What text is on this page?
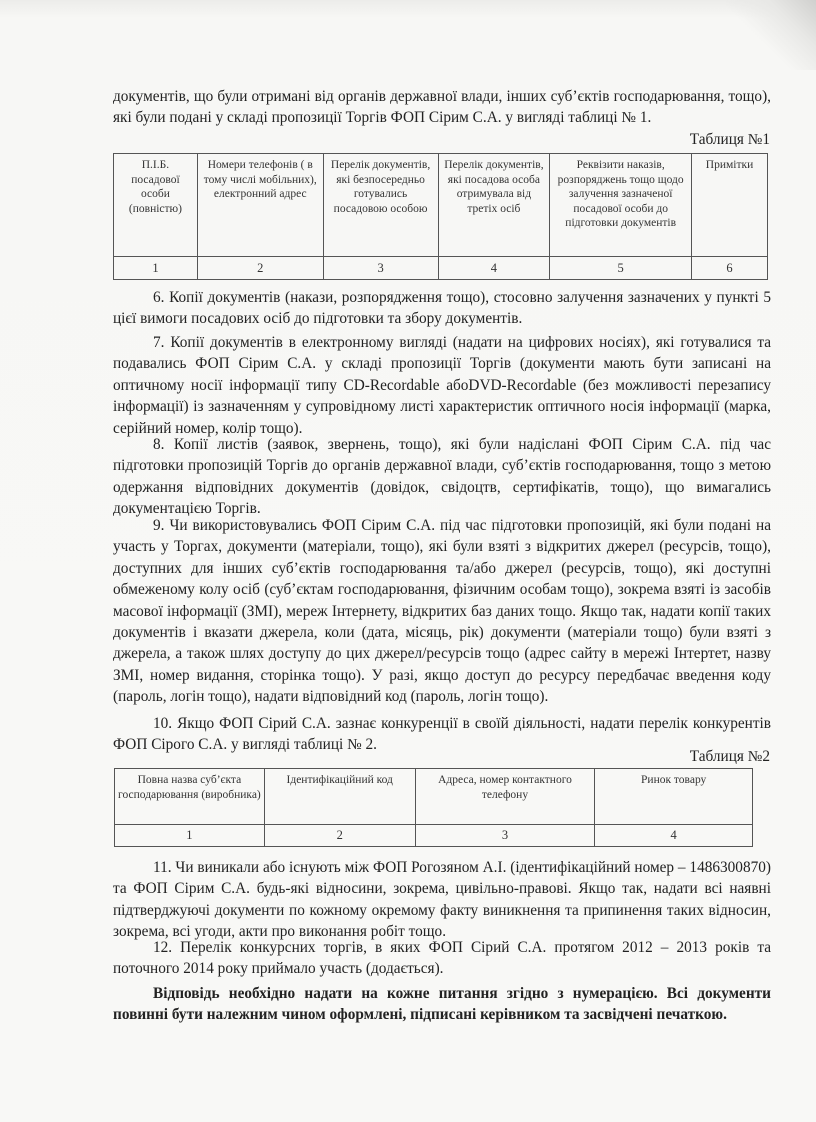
документів, що були отримані від органів державної влади, інших суб’єктів господарювання, тощо), які були подані у складі пропозиції Торгів ФОП Сірим С.А. у вигляді таблиці № 1.
Таблиця №1
П.І.Б. посадової особи (повністю)	Номери телефонів ( в тому числі мобільних), електронний адрес	Перелік документів, які безпосередньо готувались посадовою особою	Перелік документів, які посадова особа отримувала від третіх осіб	Реквізити наказів, розпоряджень тощо щодо залучення зазначеної посадової особи до підготовки документів	Примітки
1	2	3	4	5	6
6. Копії документів (накази, розпорядження тощо), стосовно залучення зазначених у пункті 5 цієї вимоги посадових осіб до підготовки та збору документів.
7. Копії документів в електронному вигляді (надати на цифрових носіях), які готувалися та подавались ФОП Сірим С.А. у складі пропозиції Торгів (документи мають бути записані на оптичному носії інформації типу CD-Recordable абоDVD-Recordable (без можливості перезапису інформації) із зазначенням у супровідному листі характеристик оптичного носія інформації (марка, серійний номер, колір тощо).
8. Копії листів (заявок, звернень, тощо), які були надіслані ФОП Сірим С.А. під час підготовки пропозицій Торгів до органів державної влади, суб’єктів господарювання, тощо з метою одержання відповідних документів (довідок, свідоцтв, сертифікатів, тощо), що вимагались документацією Торгів.
9. Чи використовувались ФОП Сірим С.А. під час підготовки пропозицій, які були подані на участь у Торгах, документи (матеріали, тощо), які були взяті з відкритих джерел (ресурсів, тощо), доступних для інших суб’єктів господарювання та/або джерел (ресурсів, тощо), які доступні обмеженому колу осіб (суб’єктам господарювання, фізичним особам тощо), зокрема взяті із засобів масової інформації (ЗМІ), мереж Інтернету, відкритих баз даних тощо. Якщо так, надати копії таких документів і вказати джерела, коли (дата, місяць, рік) документи (матеріали тощо) були взяті з джерела, а також шлях доступу до цих джерел/ресурсів тощо (адрес сайту в мережі Інтертет, назву ЗМІ, номер видання, сторінка тощо). У разі, якщо доступ до ресурсу передбачає введення коду (пароль, логін тощо), надати відповідний код (пароль, логін тощо).
10. Якщо ФОП Сірий С.А. зазнає конкуренції в своїй діяльності, надати перелік конкурентів ФОП Сірого С.А. у вигляді таблиці № 2.
Таблиця №2
Повна назва суб’єкта господарювання (виробника)	Ідентифікаційний код	Адреса, номер контактного телефону	Ринок товару
1	2	3	4
11. Чи виникали або існують між ФОП Рогозяном А.І. (ідентифікаційний номер – 1486300870) та ФОП Сірим С.А. будь-які відносини, зокрема, цивільно-правові. Якщо так, надати всі наявні підтверджуючі документи по кожному окремому факту виникнення та припинення таких відносин, зокрема, всі угоди, акти про виконання робіт тощо.
12. Перелік конкурсних торгів, в яких ФОП Сірий С.А. протягом 2012 – 2013 років та поточного 2014 року приймало участь (додається).
Відповідь необхідно надати на кожне питання згідно з нумерацією. Всі документи повинні бути належним чином оформлені, підписані керівником та засвідчені печаткою.
